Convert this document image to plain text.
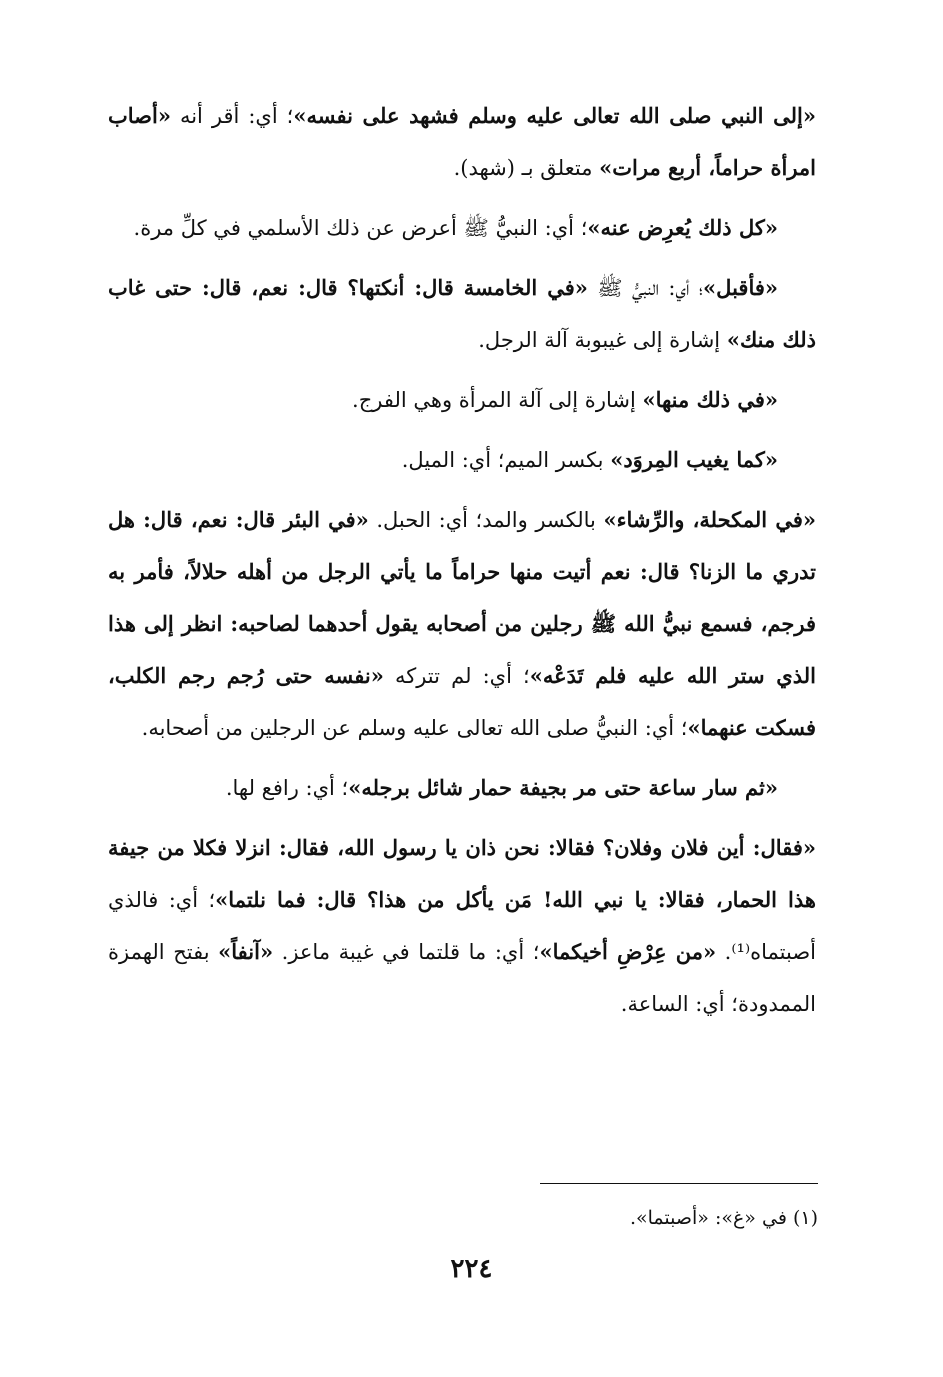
«إلى النبي صلى الله تعالى عليه وسلم فشهد على نفسه»؛ أي: أقر أنه «أصاب امرأة حراماً، أربع مرات» متعلق بـ (شهد).

«كل ذلك يُعرِض عنه»؛ أي: النبيُّ ﷺ أعرض عن ذلك الأسلمي في كلِّ مرة.

«فأقبل»؛ أي: النبيُّ ﷺ «في الخامسة قال: أنكتها؟ قال: نعم، قال: حتى غاب ذلك منك» إشارة إلى غيبوبة آلة الرجل.

«في ذلك منها» إشارة إلى آلة المرأة وهي الفرج.

«كما يغيب المِروَد» بكسر الميم؛ أي: الميل.

«في المكحلة، والرِّشاء» بالكسر والمد؛ أي: الحبل. «في البئر قال: نعم، قال: هل تدري ما الزنا؟ قال: نعم أتيت منها حراماً ما يأتي الرجل من أهله حلالاً، فأمر به فرجم، فسمع نبيُّ الله ﷺ رجلين من أصحابه يقول أحدهما لصاحبه: انظر إلى هذا الذي ستر الله عليه فلم تَدَعْه»؛ أي: لم تتركه «نفسه حتى رُجم رجم الكلب، فسكت عنهما»؛ أي: النبيُّ صلى الله تعالى عليه وسلم عن الرجلين من أصحابه.

«ثم سار ساعة حتى مر بجيفة حمار شائل برجله»؛ أي: رافع لها.

«فقال: أين فلان وفلان؟ فقالا: نحن ذان يا رسول الله، فقال: انزلا فكلا من جيفة هذا الحمار، فقالا: يا نبي الله! مَن يأكل من هذا؟ قال: فما نلتما»؛ أي: فالذي أصبتماه⁽¹⁾. «من عِرْضِ أخيكما»؛ أي: ما قلتما في غيبة ماعز. «آنفاً» بفتح الهمزة الممدودة؛ أي: الساعة.

(١) في «غ»: «أصبتما».
٢٢٤
